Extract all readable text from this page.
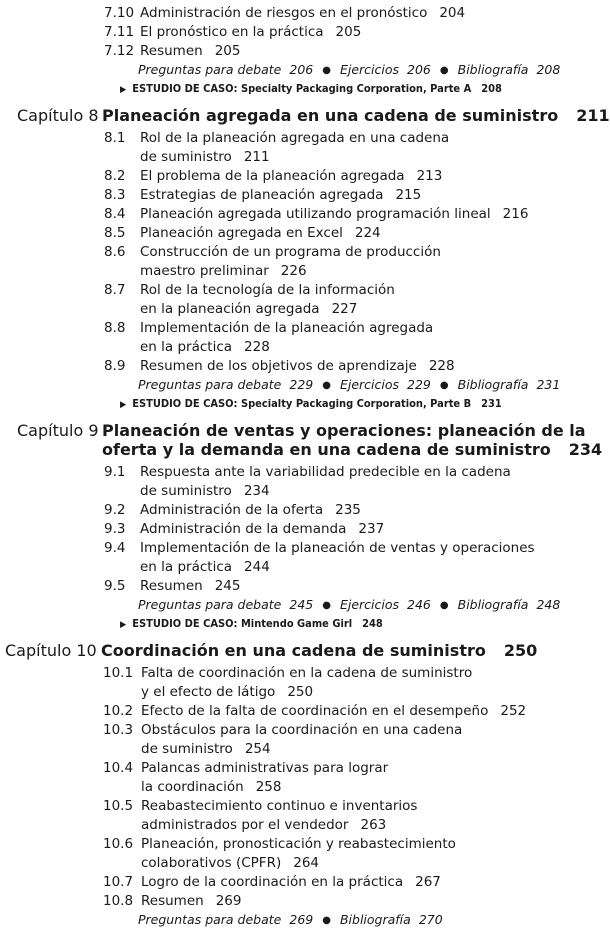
7.10 Administración de riesgos en el pronóstico 204
7.11 El pronóstico en la práctica 205
7.12 Resumen 205
Preguntas para debate 206 ● Ejercicios 206 ● Bibliografía 208
▶ ESTUDIO DE CASO: Specialty Packaging Corporation, Parte A 208
Capítulo 8 Planeación agregada en una cadena de suministro 211
8.1 Rol de la planeación agregada en una cadena
de suministro 211
8.2 El problema de la planeación agregada 213
8.3 Estrategias de planeación agregada 215
8.4 Planeación agregada utilizando programación lineal 216
8.5 Planeación agregada en Excel 224
8.6 Construcción de un programa de producción
maestro preliminar 226
8.7 Rol de la tecnología de la información
en la planeación agregada 227
8.8 Implementación de la planeación agregada
en la práctica 228
8.9 Resumen de los objetivos de aprendizaje 228
Preguntas para debate 229 ● Ejercicios 229 ● Bibliografía 231
▶ ESTUDIO DE CASO: Specialty Packaging Corporation, Parte B 231
Capítulo 9 Planeación de ventas y operaciones: planeación de la
oferta y la demanda en una cadena de suministro 234
9.1 Respuesta ante la variabilidad predecible en la cadena
de suministro 234
9.2 Administración de la oferta 235
9.3 Administración de la demanda 237
9.4 Implementación de la planeación de ventas y operaciones
en la práctica 244
9.5 Resumen 245
Preguntas para debate 245 ● Ejercicios 246 ● Bibliografía 248
▶ ESTUDIO DE CASO: Mintendo Game Girl 248
Capítulo 10 Coordinación en una cadena de suministro 250
10.1 Falta de coordinación en la cadena de suministro
y el efecto de látigo 250
10.2 Efecto de la falta de coordinación en el desempeño 252
10.3 Obstáculos para la coordinación en una cadena
de suministro 254
10.4 Palancas administrativas para lograr
la coordinación 258
10.5 Reabastecimiento continuo e inventarios
administrados por el vendedor 263
10.6 Planeación, pronosticación y reabastecimiento
colaborativos (CPFR) 264
10.7 Logro de la coordinación en la práctica 267
10.8 Resumen 269
Preguntas para debate 269 ● Bibliografía 270
